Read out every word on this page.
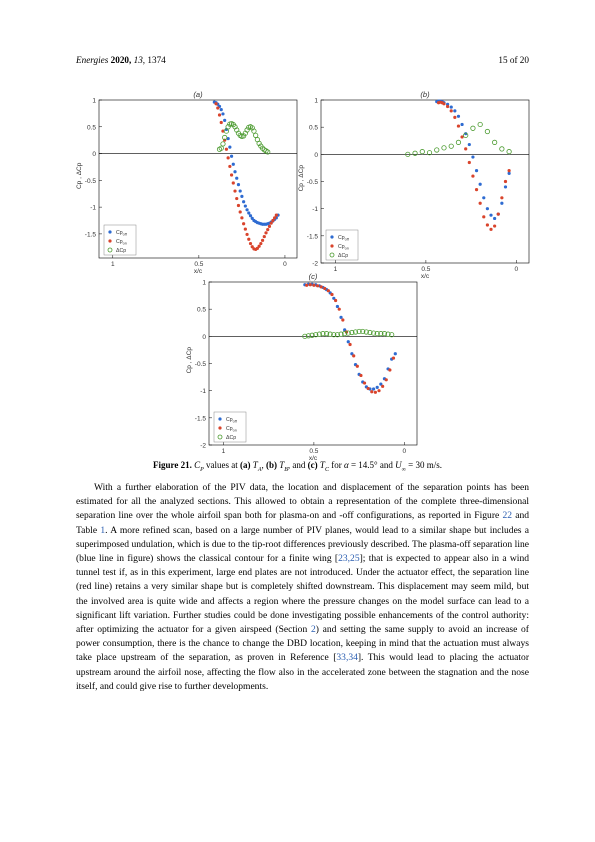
Energies 2020, 13, 1374	15 of 20
1
0.5
0
-0.5
-1
-1.5
1	0.5	0
(a)
x/c
Cp , ΔCp
$Cp_{off}$
$Cp_{on}$
ΔCp
1
0.5
0
-0.5
-1
-1.5
-2
1	0.5	0
(b)
x/c
Cp , ΔCp
$Cp_{off}$
$Cp_{on}$
ΔCp
1
0.5
0
-0.5
-1
-1.5
-2
1	0.5	0
(c)
x/c
Cp , ΔCp
$Cp_{off}$
$Cp_{on}$
ΔCp
Figure 21. $C_P$ values at (a) $T_A$, (b) $T_B$, and (c) $T_C$ for α = 14.5° and $U_\infty = 30$ m/s.

With a further elaboration of the PIV data, the location and displacement of the separation points has been estimated for all the analyzed sections. This allowed to obtain a representation of the complete three-dimensional separation line over the whole airfoil span both for plasma-on and -off configurations, as reported in Figure 22 and Table 1. A more refined scan, based on a large number of PIV planes, would lead to a similar shape but includes a superimposed undulation, which is due to the tip-root differences previously described. The plasma-off separation line (blue line in figure) shows the classical contour for a finite wing [23,25]; that is expected to appear also in a wind tunnel test if, as in this experiment, large end plates are not introduced. Under the actuator effect, the separation line (red line) retains a very similar shape but is completely shifted downstream. This displacement may seem mild, but the involved area is quite wide and affects a region where the pressure changes on the model surface can lead to a significant lift variation. Further studies could be done investigating possible enhancements of the control authority: after optimizing the actuator for a given airspeed (Section 2) and setting the same supply to avoid an increase of power consumption, there is the chance to change the DBD location, keeping in mind that the actuation must always take place upstream of the separation, as proven in Reference [33,34]. This would lead to placing the actuator upstream around the airfoil nose, affecting the flow also in the accelerated zone between the stagnation and the nose itself, and could give rise to further developments.
